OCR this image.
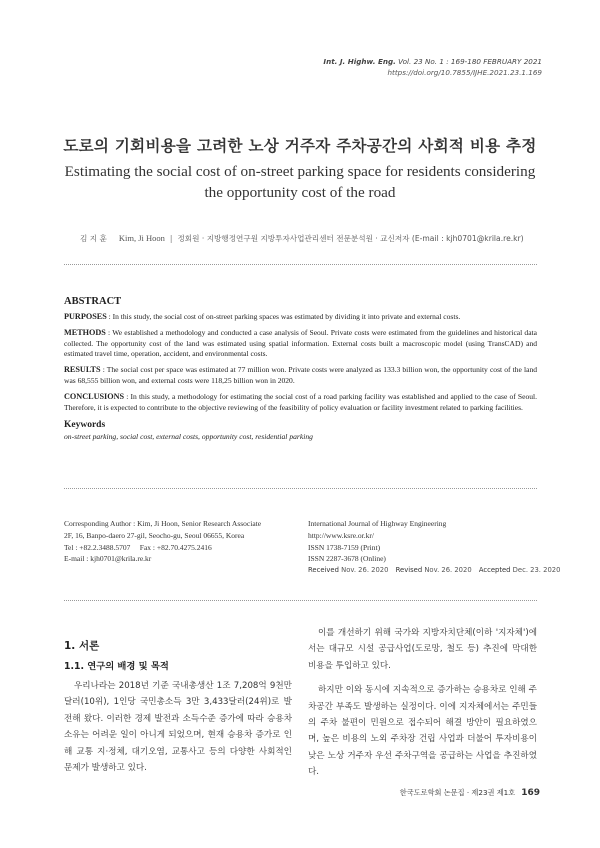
Int. J. Highw. Eng. Vol. 23 No. 1 : 169-180 FEBRUARY 2021
https://doi.org/10.7855/IJHE.2021.23.1.169
도로의 기회비용을 고려한 노상 거주자 주차공간의 사회적 비용 추정
Estimating the social cost of on-street parking space for residents considering the opportunity cost of the road
김 지 훈 Kim, Ji Hoon | 정회원 · 지방행정연구원 지방투자사업관리센터 전문분석원 · 교신저자 (E-mail : kjh0701@krila.re.kr)
ABSTRACT

PURPOSES : In this study, the social cost of on-street parking spaces was estimated by dividing it into private and external costs.

METHODS : We established a methodology and conducted a case analysis of Seoul. Private costs were estimated from the guidelines and historical data collected. The opportunity cost of the land was estimated using spatial information. External costs built a macroscopic model (using TransCAD) and estimated travel time, operation, accident, and environmental costs.

RESULTS : The social cost per space was estimated at 77 million won. Private costs were analyzed as 133.3 billion won, the opportunity cost of the land was 68,555 billion won, and external costs were 118,25 billion won in 2020.

CONCLUSIONS : In this study, a methodology for estimating the social cost of a road parking facility was established and applied to the case of Seoul. Therefore, it is expected to contribute to the objective reviewing of the feasibility of policy evaluation or facility investment related to parking facilities.

Keywords

on-street parking, social cost, external costs, opportunity cost, residential parking

Corresponding Author : Kim, Ji Hoon, Senior Research Associate
2F, 16, Banpo-daero 27-gil, Seocho-gu, Seoul 06655, Korea
Tel : +82.2.3488.5707     Fax : +82.70.4275.2416
E-mail : kjh0701@krila.re.kr
International Journal of Highway Engineering
http://www.ksre.or.kr/
ISSN 1738-7159 (Print)
ISSN 2287-3678 (Online)
Received Nov. 26. 2020 Revised Nov. 26. 2020 Accepted Dec. 23. 2020
1. 서론
1.1. 연구의 배경 및 목적

우리나라는 2018년 기준 국내총생산 1조 7,208억 9천만 달러(10위), 1인당 국민총소득 3만 3,433달러(24위)로 발전해 왔다. 이러한 경제 발전과 소득수준 증가에 따라 승용차 소유는 어려운 일이 아니게 되었으며, 현재 승용차 증가로 인해 교통 지·정체, 대기오염, 교통사고 등의 다양한 사회적인 문제가 발생하고 있다.

이를 개선하기 위해 국가와 지방자치단체(이하 '지자체')에서는 대규모 시설 공급사업(도로망, 철도 등) 추진에 막대한 비용을 투입하고 있다.

하지만 이와 동시에 지속적으로 증가하는 승용차로 인해 주차공간 부족도 발생하는 실정이다. 이에 지자체에서는 주민들의 주차 불편이 민원으로 접수되어 해결 방안이 필요하였으며, 높은 비용의 노외 주차장 건립 사업과 더불어 투자비용이 낮은 노상 거주자 우선 주차구역을 공급하는 사업을 추진하였다.

한국도로학회 논문집 · 제23권 제1호 169
